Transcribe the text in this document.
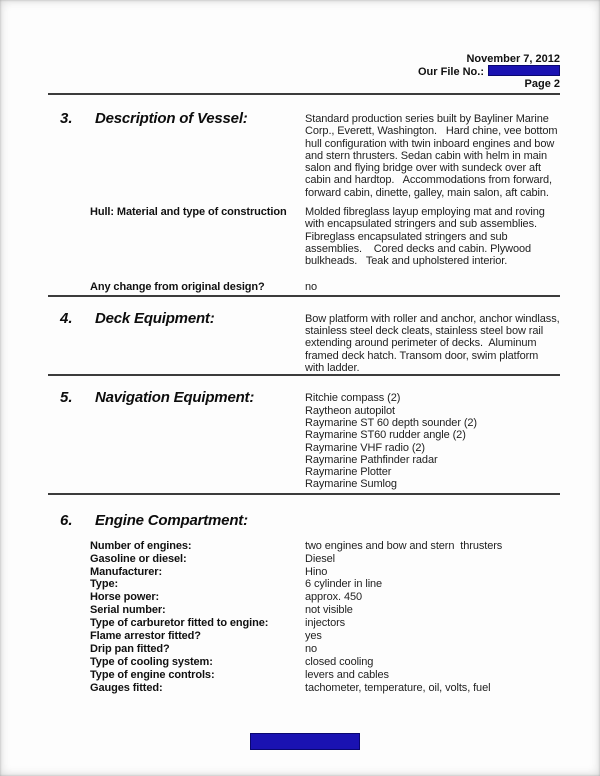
November 7, 2012
Our File No.:
Page 2
3. Description of Vessel:	Standard production series built by Bayliner Marine Corp., Everett, Washington.   Hard chine, vee bottom hull configuration with twin inboard engines and bow and stern thrusters. Sedan cabin with helm in main salon and flying bridge over with sundeck over aft cabin and hardtop.   Accommodations from forward, forward cabin, dinette, galley, main salon, aft cabin.
Hull: Material and type of construction	Molded fibreglass layup employing mat and roving with encapsulated stringers and sub assemblies.   Fibreglass encapsulated stringers and sub assemblies.    Cored decks and cabin. Plywood bulkheads.   Teak and upholstered interior.
Any change from original design?	no
4. Deck Equipment:	Bow platform with roller and anchor, anchor windlass, stainless steel deck cleats, stainless steel bow rail extending around perimeter of decks.  Aluminum framed deck hatch. Transom door, swim platform with ladder.
5. Navigation Equipment:	Ritchie compass (2)
Raytheon autopilot
Raymarine ST 60 depth sounder (2)
Raymarine ST60 rudder angle (2)
Raymarine VHF radio (2)
Raymarine Pathfinder radar
Raymarine Plotter
Raymarine Sumlog
6. Engine Compartment:
Number of engines:	two engines and bow and stern  thrusters
Gasoline or diesel:	Diesel
Manufacturer:	Hino
Type:	6 cylinder in line
Horse power:	approx. 450
Serial number:	not visible
Type of carburetor fitted to engine:	injectors
Flame arrestor fitted?	yes
Drip pan fitted?	no
Type of cooling system:	closed cooling
Type of engine controls:	levers and cables
Gauges fitted:	tachometer, temperature, oil, volts, fuel
